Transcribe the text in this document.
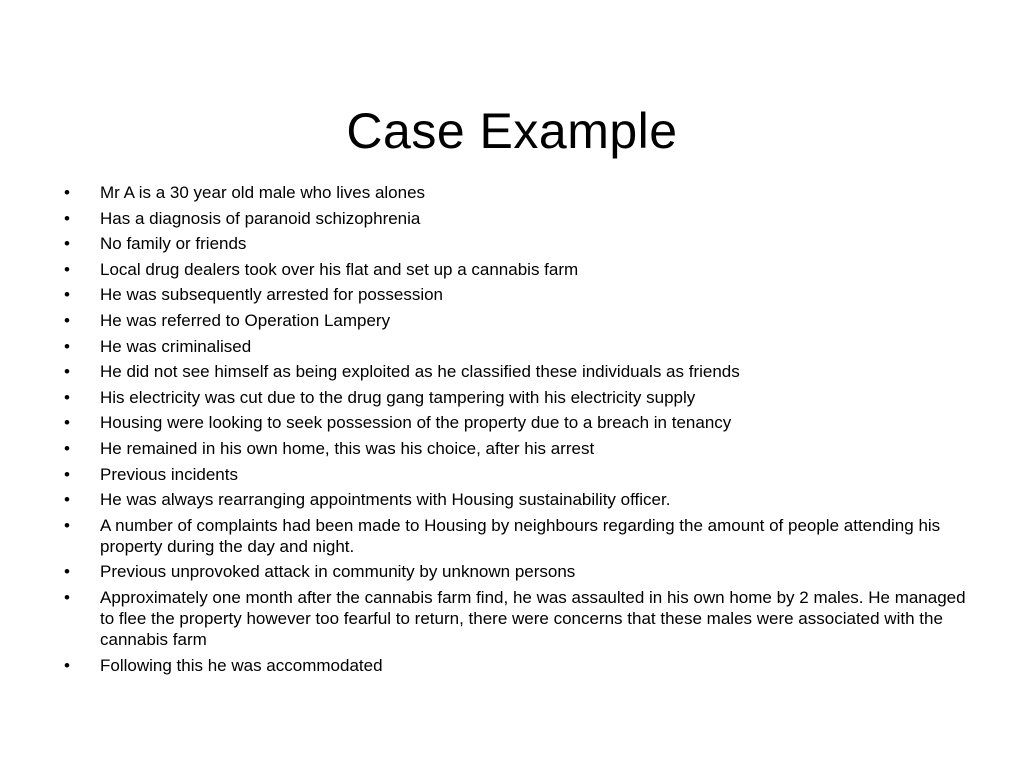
Case Example
• Mr A is a 30 year old male who lives alones
• Has a diagnosis of paranoid schizophrenia
• No family or friends
• Local drug dealers took over his flat and set up a cannabis farm
• He was subsequently arrested for possession
• He was referred to Operation Lampery
• He was criminalised
• He did not see himself as being exploited as he classified these individuals as friends
• His electricity was cut due to the drug gang tampering with his electricity supply
• Housing were looking to seek possession of the property due to a breach in tenancy
• He remained in his own home, this was his choice, after his arrest
• Previous incidents
• He was always rearranging appointments with Housing sustainability officer.
• A number of complaints had been made to Housing by neighbours regarding the amount of people attending his property during the day and night.
• Previous unprovoked attack in community by unknown persons
• Approximately one month after the cannabis farm find, he was assaulted in his own home by 2 males. He managed to flee the property however too fearful to return, there were concerns that these males were associated with the cannabis farm
• Following this he was accommodated
